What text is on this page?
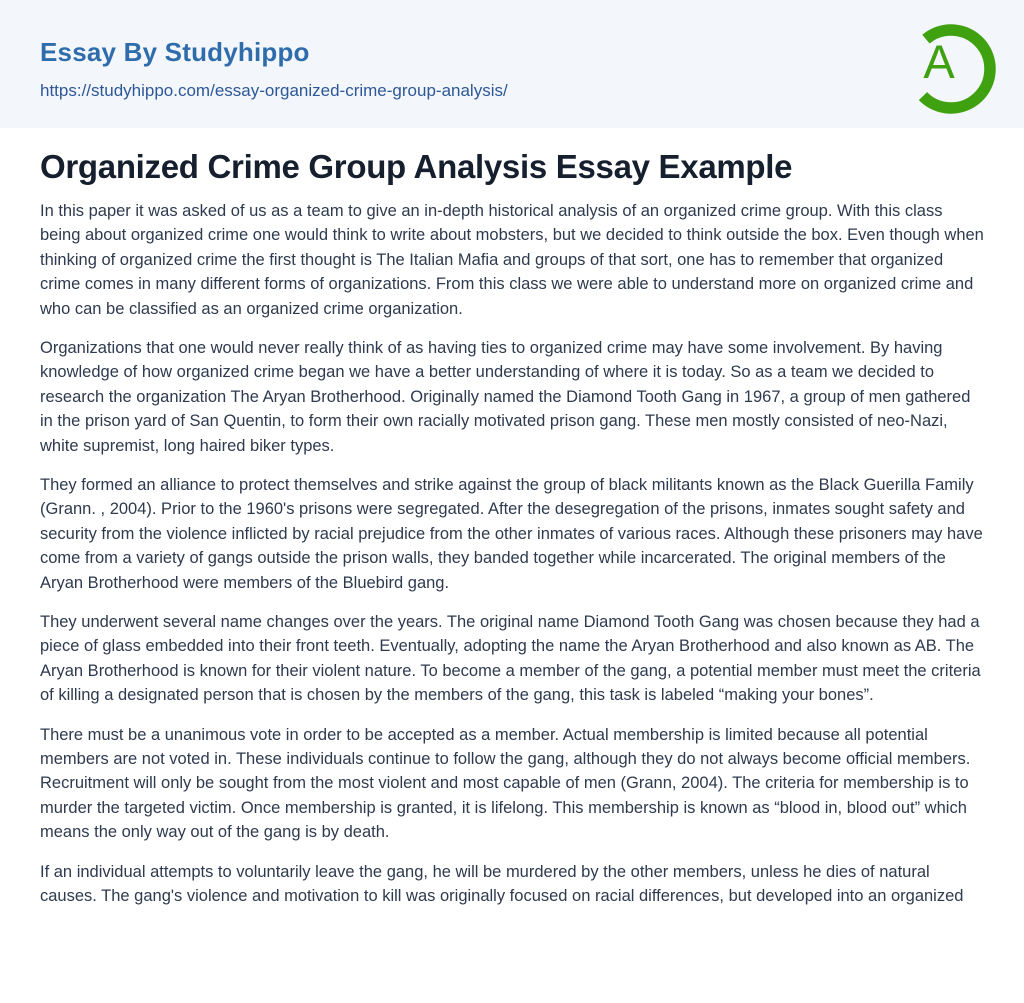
Essay By Studyhippo
https://studyhippo.com/essay-organized-crime-group-analysis/
A
Organized Crime Group Analysis Essay Example

In this paper it was asked of us as a team to give an in-depth historical analysis of an organized crime group. With this class being about organized crime one would think to write about mobsters, but we decided to think outside the box. Even though when thinking of organized crime the first thought is The Italian Mafia and groups of that sort, one has to remember that organized crime comes in many different forms of organizations. From this class we were able to understand more on organized crime and who can be classified as an organized crime organization.

Organizations that one would never really think of as having ties to organized crime may have some involvement. By having knowledge of how organized crime began we have a better understanding of where it is today. So as a team we decided to research the organization The Aryan Brotherhood. Originally named the Diamond Tooth Gang in 1967, a group of men gathered in the prison yard of San Quentin, to form their own racially motivated prison gang. These men mostly consisted of neo-Nazi, white supremist, long haired biker types.

They formed an alliance to protect themselves and strike against the group of black militants known as the Black Guerilla Family (Grann. , 2004). Prior to the 1960's prisons were segregated. After the desegregation of the prisons, inmates sought safety and security from the violence inflicted by racial prejudice from the other inmates of various races. Although these prisoners may have come from a variety of gangs outside the prison walls, they banded together while incarcerated. The original members of the Aryan Brotherhood were members of the Bluebird gang.

They underwent several name changes over the years. The original name Diamond Tooth Gang was chosen because they had a piece of glass embedded into their front teeth. Eventually, adopting the name the Aryan Brotherhood and also known as AB. The Aryan Brotherhood is known for their violent nature. To become a member of the gang, a potential member must meet the criteria of killing a designated person that is chosen by the members of the gang, this task is labeled “making your bones”.

There must be a unanimous vote in order to be accepted as a member. Actual membership is limited because all potential members are not voted in. These individuals continue to follow the gang, although they do not always become official members. Recruitment will only be sought from the most violent and most capable of men (Grann, 2004). The criteria for membership is to murder the targeted victim. Once membership is granted, it is lifelong. This membership is known as “blood in, blood out” which means the only way out of the gang is by death.

If an individual attempts to voluntarily leave the gang, he will be murdered by the other members, unless he dies of natural causes. The gang's violence and motivation to kill was originally focused on racial differences, but developed into an organized
